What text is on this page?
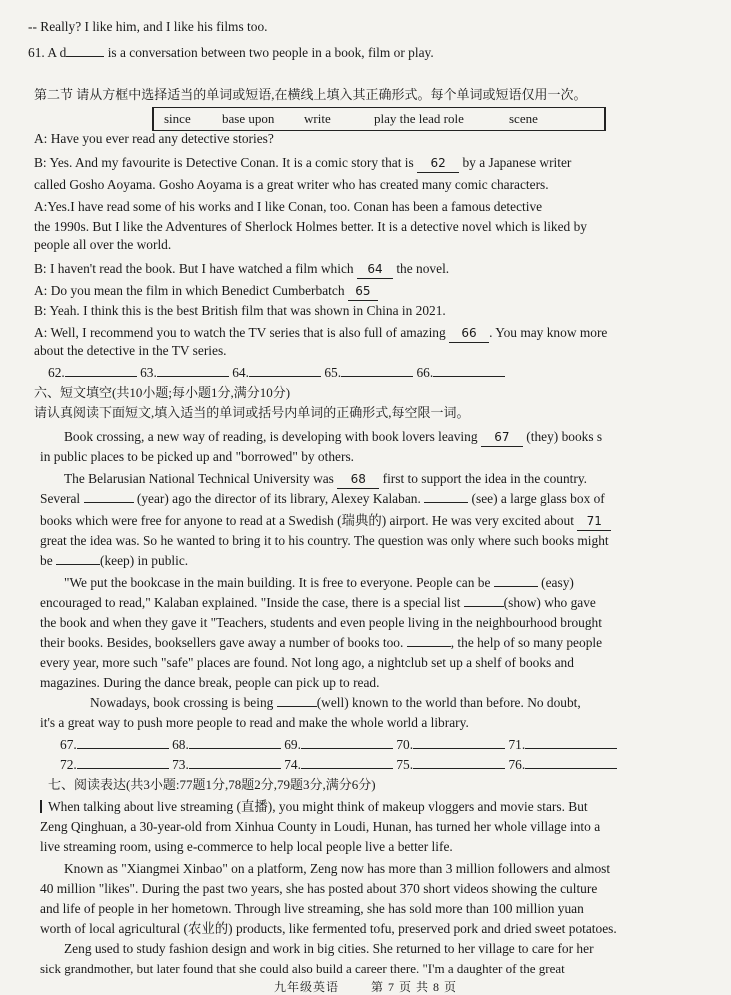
-- Really? I like him, and I like his films too.
61. A d	is a conversation between two people in a book, film or play.
第二节 请从方框中选择适当的单词或短语,在横线上填入其正确形式。每个单词或短语仅用一次。
since base upon write	play the lead role	scene
A: Have you ever read any detective stories?
B: Yes. And my favourite is Detective Conan. It is a comic story that is 62 by a Japanese writer
called Gosho Aoyama. Gosho Aoyama is a great writer who has created many comic characters.
A:Yes.I have read some of his works and I like Conan, too. Conan has been a famous detective
the 1990s. But I like the Adventures of Sherlock Holmes better. It is a detective novel which is liked by
people all over the world.
B: I haven't read the book. But I have watched a film which 64 the novel.
A: Do you mean the film in which Benedict Cumberbatch 65
B: Yeah. I think this is the best British film that was shown in China in 2021.
A: Well, I recommend you to watch the TV series that is also full of amazing 66 . You may know more
about the detective in the TV series.
62.	63.	64.	65.	66.
六、短文填空(共10小题;每小题1分,满分10分)
请认真阅读下面短文,填入适当的单词或括号内单词的正确形式,每空限一词。
Book crossing, a new way of reading, is developing with book lovers leaving 67 (they) books s
in public places to be picked up and "borrowed" by others.
The Belarusian National Technical University was 68 first to support the idea in the country.
Several	(year) ago the director of its library, Alexey Kalaban.	(see) a large glass box of
books which were free for anyone to read at a Swedish (瑞典的) airport. He was very excited about 71
great the idea was. So he wanted to bring it to his country. The question was only where such books might
be	(keep) in public.
"We put the bookcase in the main building. It is free to everyone. People can be	(easy)
encouraged to read," Kalaban explained. "Inside the case, there is a special list	(show) who gave
the book and when they gave it "Teachers, students and even people living in the neighbourhood brought
their books. Besides, booksellers gave away a number of books too.	, the help of so many people
every year, more such "safe" places are found. Not long ago, a nightclub set up a shelf of books and
magazines. During the dance break, people can pick up to read.
Nowadays, book crossing is being	(well) known to the world than before. No doubt,
it's a great way to push more people to read and make the whole world a library.
67.	68.	69.	70.	71.
72.	73.	74.	75.	76.
七、阅读表达(共3小题:77题1分,78题2分,79题3分,满分6分)
When talking about live streaming (直播), you might think of makeup vloggers and movie stars. But
Zeng Qinghuan, a 30-year-old from Xinhua County in Loudi, Hunan, has turned her whole village into a
live streaming room, using e-commerce to help local people live a better life.
Known as "Xiangmei Xinbao" on a platform, Zeng now has more than 3 million followers and almost
40 million "likes". During the past two years, she has posted about 370 short videos showing the culture
and life of people in her hometown. Through live streaming, she has sold more than 100 million yuan
worth of local agricultural (农业的) products, like fermented tofu, preserved pork and dried sweet potatoes.
Zeng used to study fashion design and work in big cities. She returned to her village to care for her
sick grandmother, but later found that she could also build a career there. "I'm a daughter of the great
九年级英语	第 7 页 共 8 页
